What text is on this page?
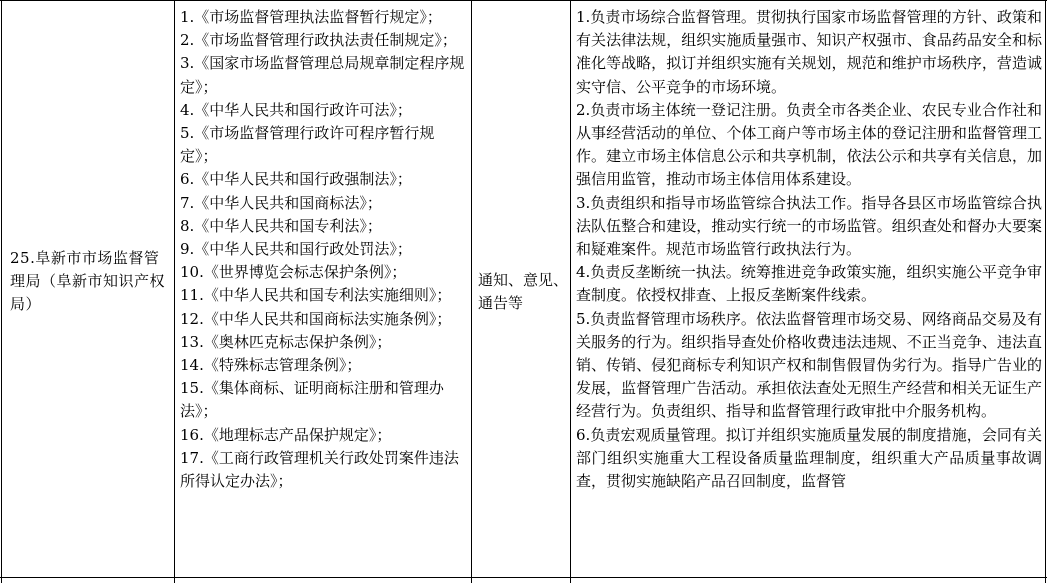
25.阜新市市场监督管理局（阜新市知识产权局）
1.《市场监督管理执法监督暂行规定》；
2.《市场监督管理行政执法责任制规定》；
3.《国家市场监督管理总局规章制定程序规定》；
4.《中华人民共和国行政许可法》；
5.《市场监督管理行政许可程序暂行规定》；
6.《中华人民共和国行政强制法》；
7.《中华人民共和国商标法》；
8.《中华人民共和国专利法》；
9.《中华人民共和国行政处罚法》；
10.《世界博览会标志保护条例》；
11.《中华人民共和国专利法实施细则》；
12.《中华人民共和国商标法实施条例》；
13.《奥林匹克标志保护条例》；
14.《特殊标志管理条例》；
15.《集体商标、证明商标注册和管理办法》；
16.《地理标志产品保护规定》；
17.《工商行政管理机关行政处罚案件违法所得认定办法》；
通知、意见、通告等
1.负责市场综合监督管理。贯彻执行国家市场监督管理的方针、政策和有关法律法规，组织实施质量强市、知识产权强市、食品药品安全和标准化等战略，拟订并组织实施有关规划，规范和维护市场秩序，营造诚实守信、公平竞争的市场环境。
2.负责市场主体统一登记注册。负责全市各类企业、农民专业合作社和从事经营活动的单位、个体工商户等市场主体的登记注册和监督管理工作。建立市场主体信息公示和共享机制，依法公示和共享有关信息，加强信用监管，推动市场主体信用体系建设。
3.负责组织和指导市场监管综合执法工作。指导各县区市场监管综合执法队伍整合和建设，推动实行统一的市场监管。组织查处和督办大要案和疑难案件。规范市场监管行政执法行为。
4.负责反垄断统一执法。统筹推进竞争政策实施，组织实施公平竞争审查制度。依授权排查、上报反垄断案件线索。
5.负责监督管理市场秩序。依法监督管理市场交易、网络商品交易及有关服务的行为。组织指导查处价格收费违法违规、不正当竞争、违法直销、传销、侵犯商标专利知识产权和制售假冒伪劣行为。指导广告业的发展，监督管理广告活动。承担依法查处无照生产经营和相关无证生产经营行为。负责组织、指导和监督管理行政审批中介服务机构。
6.负责宏观质量管理。拟订并组织实施质量发展的制度措施，会同有关部门组织实施重大工程设备质量监理制度，组织重大产品质量事故调查，贯彻实施缺陷产品召回制度，监督管
